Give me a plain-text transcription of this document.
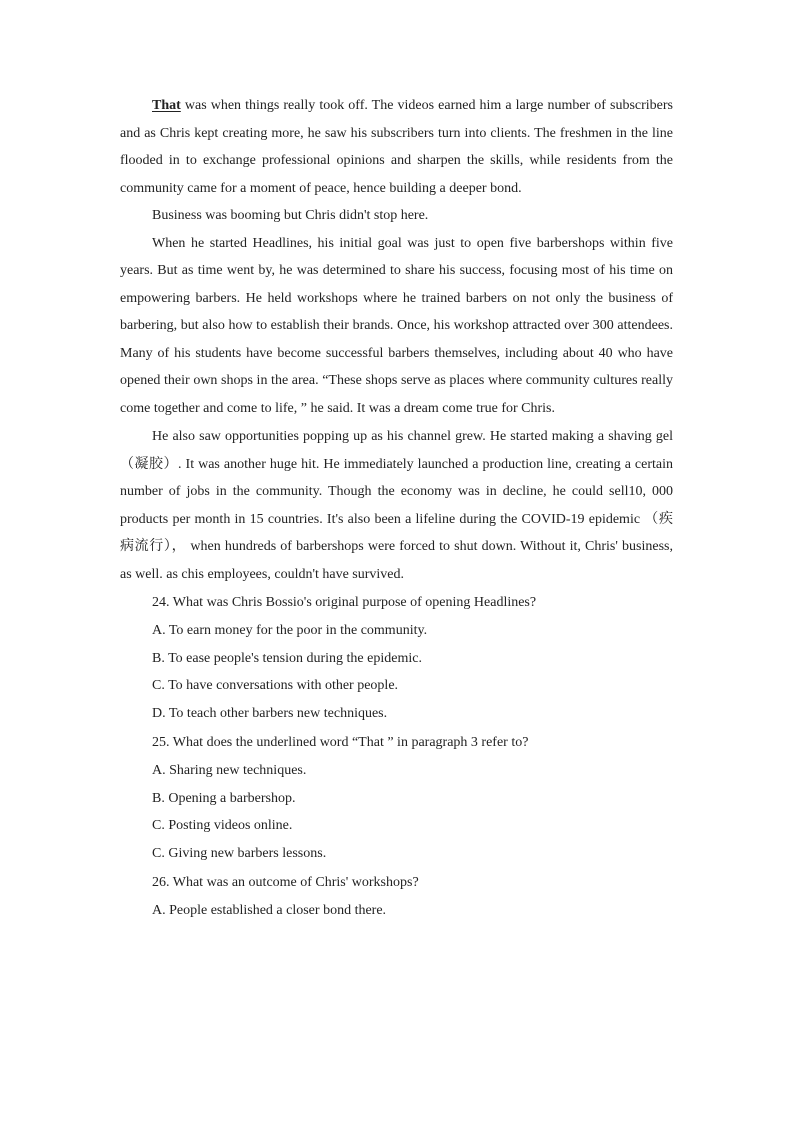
That was when things really took off. The videos earned him a large number of subscribers and as Chris kept creating more, he saw his subscribers turn into clients. The freshmen in the line flooded in to exchange professional opinions and sharpen the skills, while residents from the community came for a moment of peace, hence building a deeper bond.

Business was booming but Chris didn't stop here.

When he started Headlines, his initial goal was just to open five barbershops within five years. But as time went by, he was determined to share his success, focusing most of his time on empowering barbers. He held workshops where he trained barbers on not only the business of barbering, but also how to establish their brands. Once, his workshop attracted over 300 attendees. Many of his students have become successful barbers themselves, including about 40 who have opened their own shops in the area. “These shops serve as places where community cultures really come together and come to life, ” he said. It was a dream come true for Chris.

He also saw opportunities popping up as his channel grew. He started making a shaving gel （凝胶）. It was another huge hit. He immediately launched a production line, creating a certain number of jobs in the community. Though the economy was in decline, he could sell10, 000 products per month in 15 countries. It's also been a lifeline during the COVID-19 epidemic （疾病流行）， when hundreds of barbershops were forced to shut down. Without it, Chris' business, as well. as chis employees, couldn't have survived.

24. What was Chris Bossio's original purpose of opening Headlines?

A. To earn money for the poor in the community.

B. To ease people's tension during the epidemic.

C. To have conversations with other people.

D. To teach other barbers new techniques.

25. What does the underlined word “That ” in paragraph 3 refer to?

A. Sharing new techniques.

B. Opening a barbershop.

C. Posting videos online.

C. Giving new barbers lessons.

26. What was an outcome of Chris' workshops?

A. People established a closer bond there.
